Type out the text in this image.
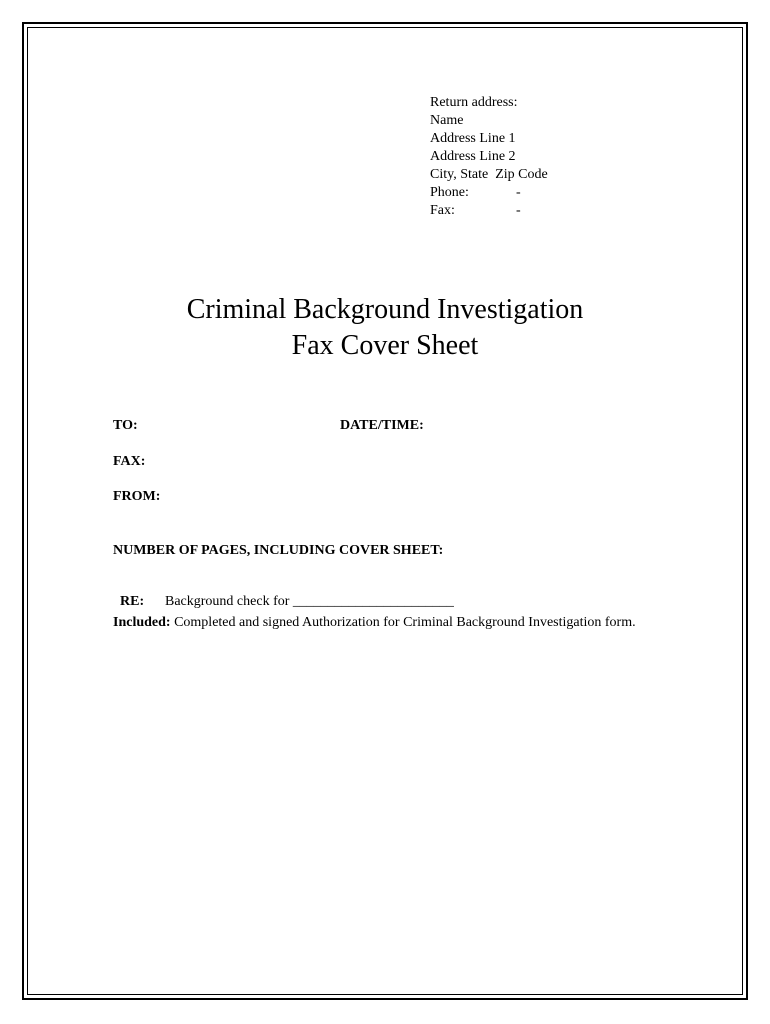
Return address:
Name
Address Line 1
Address Line 2
City, State  Zip Code
Phone:	-
Fax:	-
Criminal Background Investigation
Fax Cover Sheet
TO:	DATE/TIME:
FAX:
FROM:
NUMBER OF PAGES, INCLUDING COVER SHEET:

RE: Background check for _______________________

Included: Completed and signed Authorization for Criminal Background Investigation form.
